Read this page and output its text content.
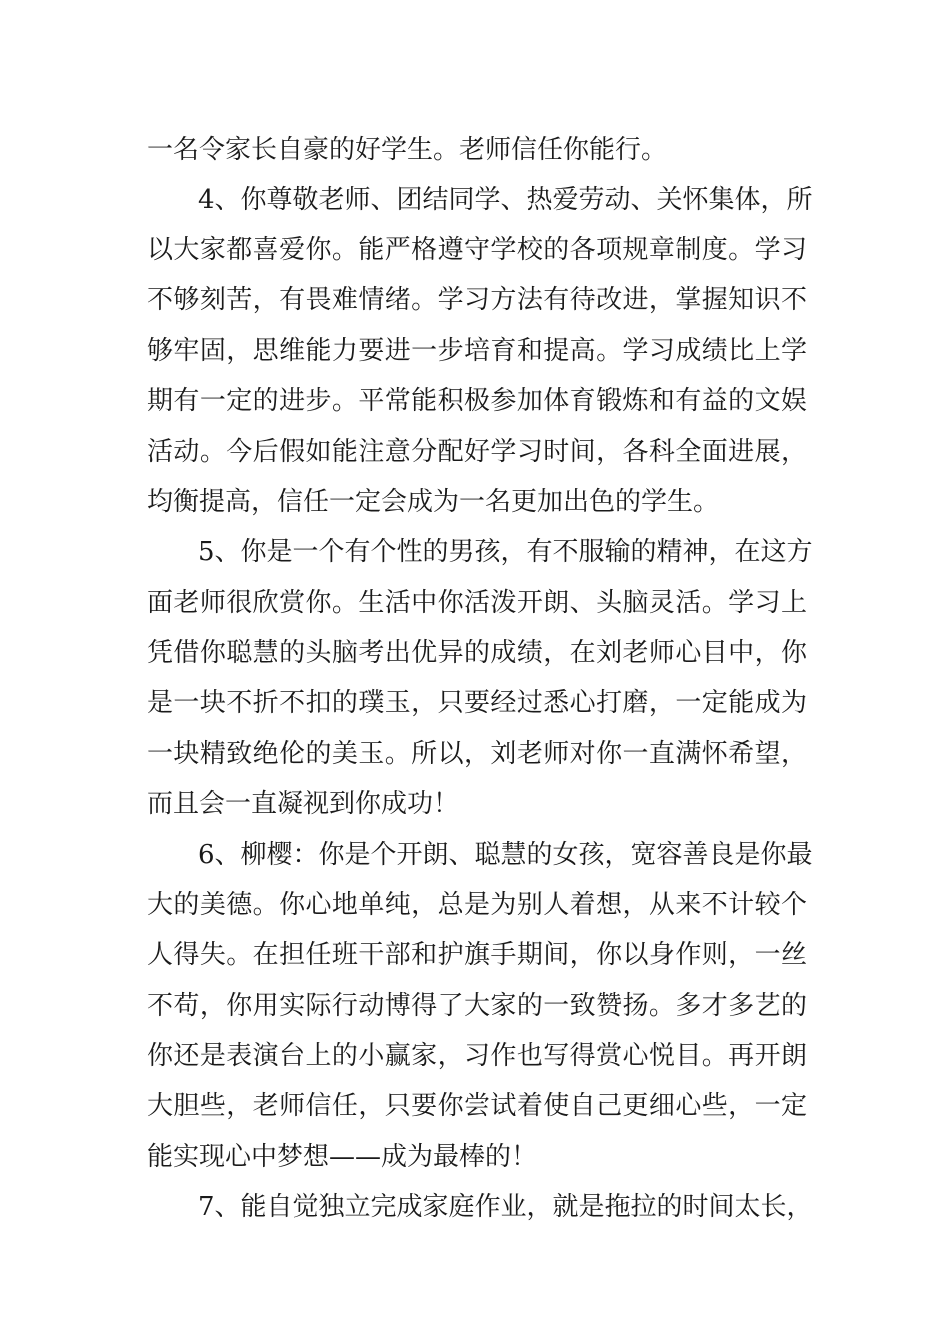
一名令家长自豪的好学生。老师信任你能行。
4、你尊敬老师、团结同学、热爱劳动、关怀集体，所
以大家都喜爱你。能严格遵守学校的各项规章制度。学习
不够刻苦，有畏难情绪。学习方法有待改进，掌握知识不
够牢固，思维能力要进一步培育和提高。学习成绩比上学
期有一定的进步。平常能积极参加体育锻炼和有益的文娱
活动。今后假如能注意分配好学习时间，各科全面进展，
均衡提高，信任一定会成为一名更加出色的学生。
5、你是一个有个性的男孩，有不服输的精神，在这方
面老师很欣赏你。生活中你活泼开朗、头脑灵活。学习上
凭借你聪慧的头脑考出优异的成绩，在刘老师心目中，你
是一块不折不扣的璞玉，只要经过悉心打磨，一定能成为
一块精致绝伦的美玉。所以，刘老师对你一直满怀希望，
而且会一直凝视到你成功！
6、柳樱：你是个开朗、聪慧的女孩，宽容善良是你最
大的美德。你心地单纯，总是为别人着想，从来不计较个
人得失。在担任班干部和护旗手期间，你以身作则，一丝
不苟，你用实际行动博得了大家的一致赞扬。多才多艺的
你还是表演台上的小赢家，习作也写得赏心悦目。再开朗
大胆些，老师信任，只要你尝试着使自己更细心些，一定
能实现心中梦想——成为最棒的！
7、能自觉独立完成家庭作业，就是拖拉的时间太长，
